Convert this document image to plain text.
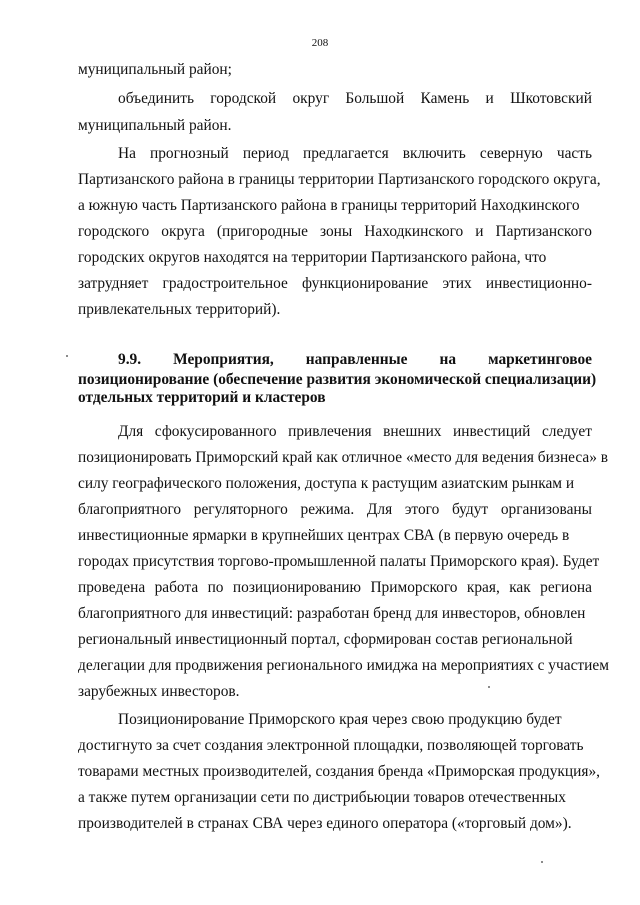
208
муниципальный район;
объединить городской округ Большой Камень и Шкотовский
муниципальный район.
На прогнозный период предлагается включить северную часть
Партизанского района в границы территории Партизанского городского округа,
а южную часть Партизанского района в границы территорий Находкинского
городского округа (пригородные зоны Находкинского и Партизанского
городских округов находятся на территории Партизанского района, что
затрудняет градостроительное функционирование этих инвестиционно-
привлекательных территорий).
9.9. Мероприятия, направленные на маркетинговое
позиционирование (обеспечение развития экономической специализации)
отдельных территорий и кластеров
Для сфокусированного привлечения внешних инвестиций следует
позиционировать Приморский край как отличное «место для ведения бизнеса» в
силу географического положения, доступа к растущим азиатским рынкам и
благоприятного регуляторного режима. Для этого будут организованы
инвестиционные ярмарки в крупнейших центрах СВА (в первую очередь в
городах присутствия торгово-промышленной палаты Приморского края). Будет
проведена работа по позиционированию Приморского края, как региона
благоприятного для инвестиций: разработан бренд для инвесторов, обновлен
региональный инвестиционный портал, сформирован состав региональной
делегации для продвижения регионального имиджа на мероприятиях с участием
зарубежных инвесторов.
Позиционирование Приморского края через свою продукцию будет
достигнуто за счет создания электронной площадки, позволяющей торговать
товарами местных производителей, создания бренда «Приморская продукция»,
а также путем организации сети по дистрибьюции товаров отечественных
производителей в странах СВА через единого оператора («торговый дом»).
